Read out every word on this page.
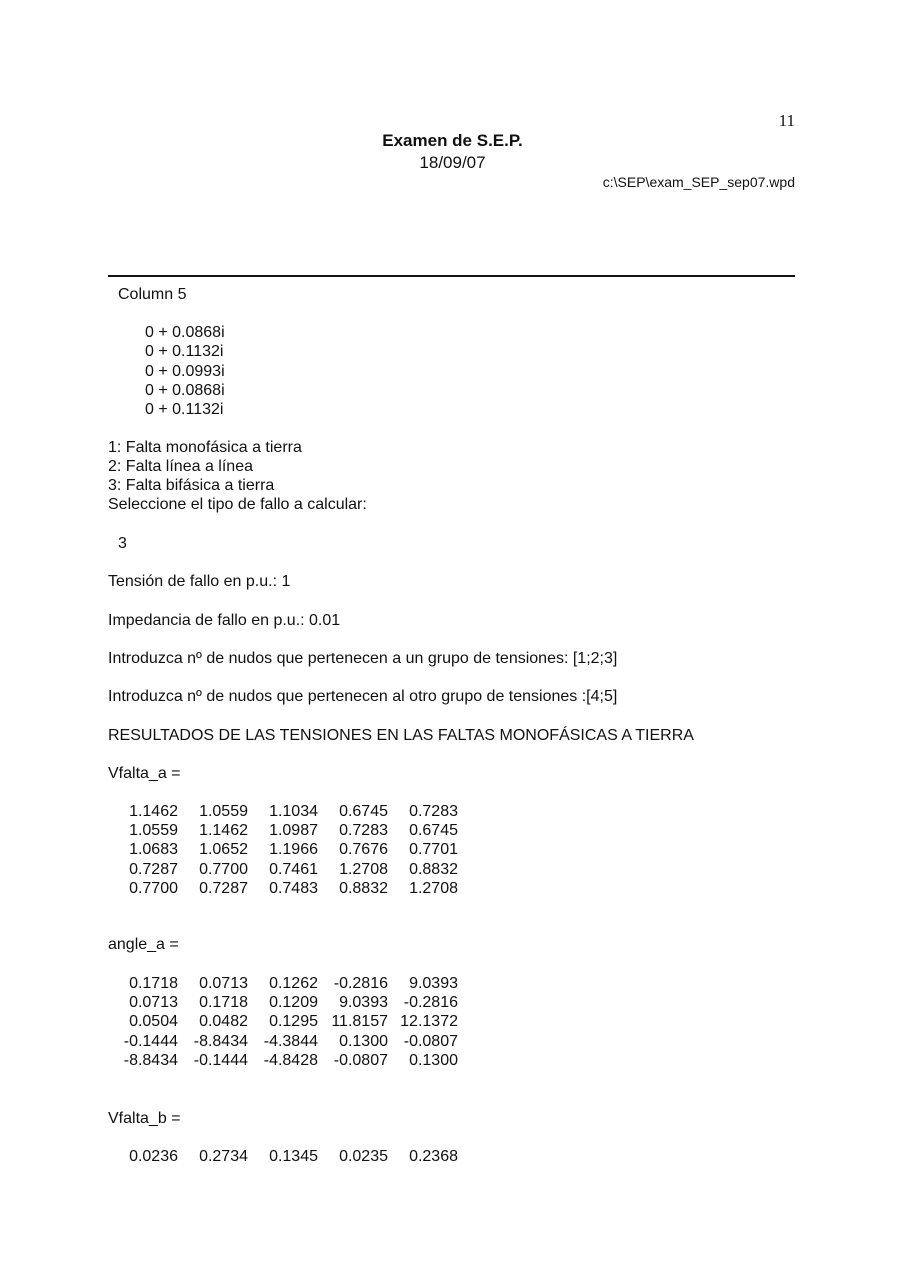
11
Examen de S.E.P.
18/09/07
c:\SEP\exam_SEP_sep07.wpd
Column 5
0 + 0.0868i
0 + 0.1132i
0 + 0.0993i
0 + 0.0868i
0 + 0.1132i
1: Falta monofásica a tierra
2: Falta línea a línea
3: Falta bifásica a tierra
Seleccione el tipo de fallo a calcular:
3
Tensión de fallo en p.u.: 1
Impedancia de fallo en p.u.: 0.01
Introduzca nº de nudos que pertenecen a un grupo de tensiones: [1;2;3]
Introduzca nº de nudos que pertenecen al otro grupo de tensiones :[4;5]
RESULTADOS DE LAS TENSIONES EN LAS FALTAS MONOFÁSICAS A TIERRA
Vfalta_a =
1.1462	1.0559	1.1034	0.6745	0.7283
1.0559	1.1462	1.0987	0.7283	0.6745
1.0683	1.0652	1.1966	0.7676	0.7701
0.7287	0.7700	0.7461	1.2708	0.8832
0.7700	0.7287	0.7483	0.8832	1.2708
angle_a =
0.1718	0.0713	0.1262 -0.2816	9.0393
0.0713	0.1718	0.1209	9.0393 -0.2816
0.0504	0.0482	0.1295 11.8157 12.1372
-0.1444 -8.8434 -4.3844	0.1300 -0.0807
-8.8434 -0.1444 -4.8428 -0.0807	0.1300
Vfalta_b =
0.0236	0.2734	0.1345	0.0235	0.2368
